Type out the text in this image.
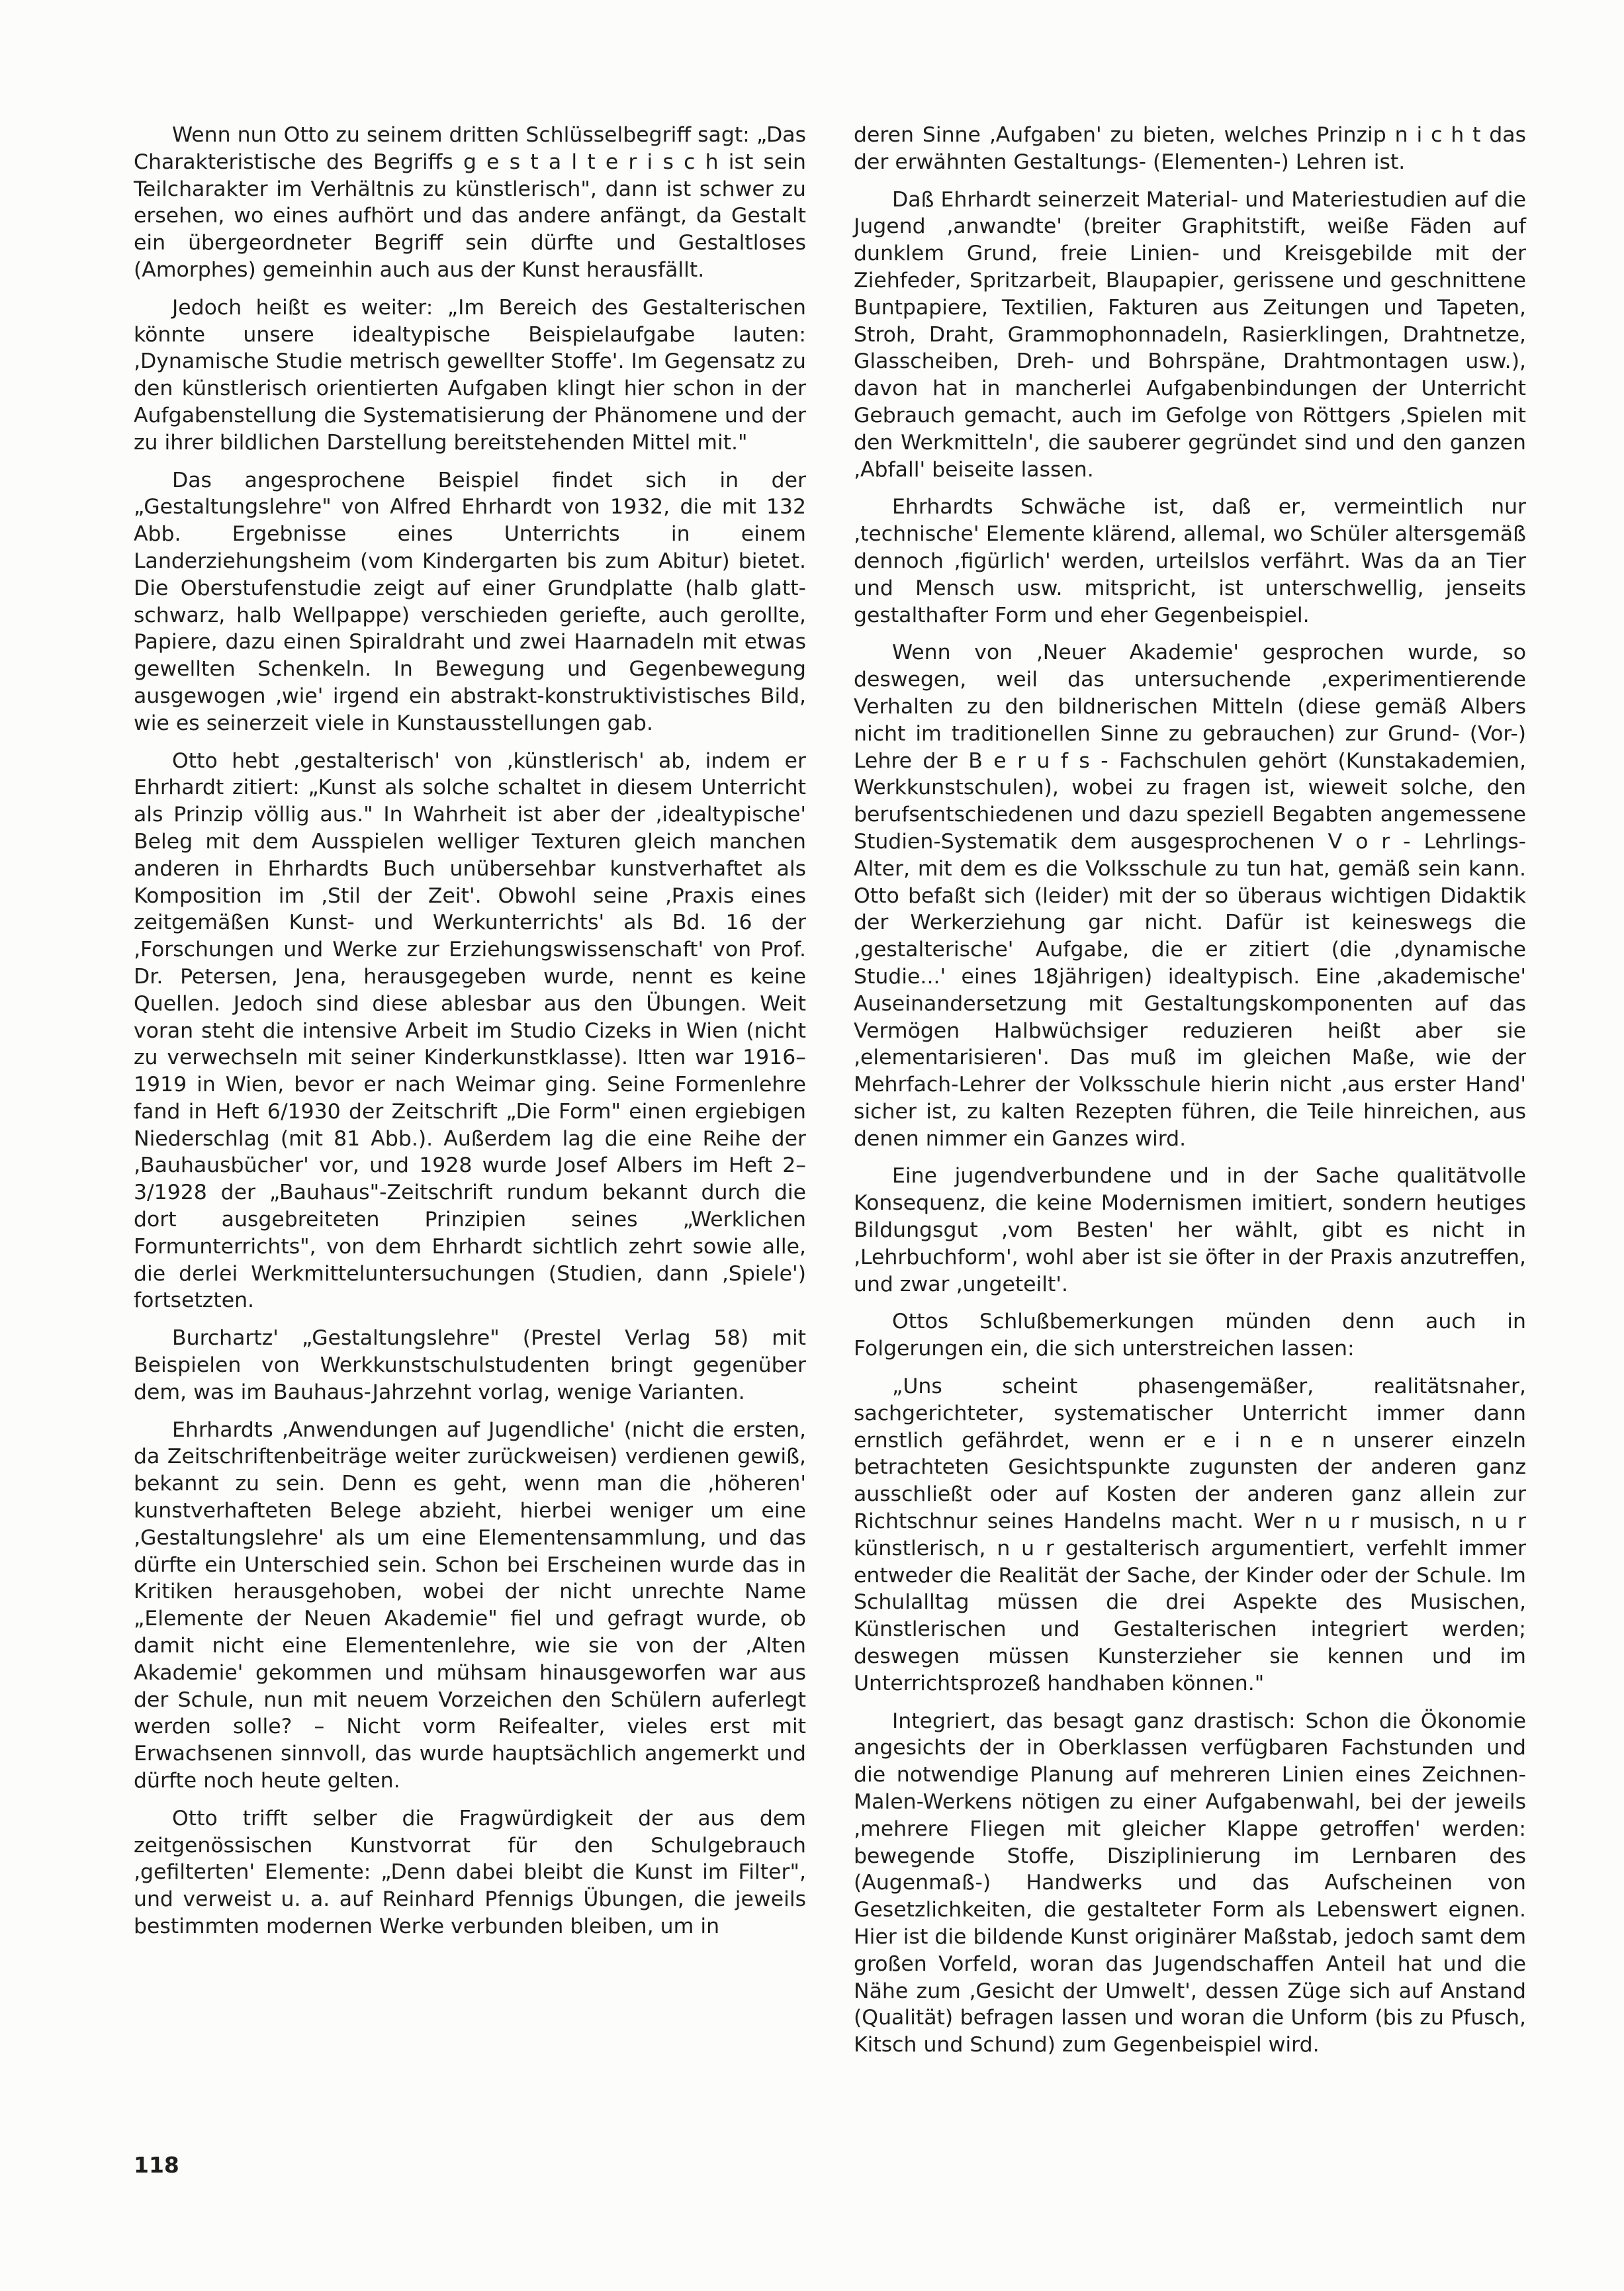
Wenn nun Otto zu seinem dritten Schlüsselbegriff sagt: „Das Charakteristische des Begriffs g e s t a l t e r i s c h ist sein Teilcharakter im Verhältnis zu künstlerisch", dann ist schwer zu ersehen, wo eines aufhört und das andere anfängt, da Gestalt ein übergeordneter Begriff sein dürfte und Gestaltloses (Amorphes) gemeinhin auch aus der Kunst herausfällt.

Jedoch heißt es weiter: „Im Bereich des Gestalterischen könnte unsere idealtypische Beispielaufgabe lauten: ‚Dynamische Studie metrisch gewellter Stoffe'. Im Gegensatz zu den künstlerisch orientierten Aufgaben klingt hier schon in der Aufgabenstellung die Systematisierung der Phänomene und der zu ihrer bildlichen Darstellung bereitstehenden Mittel mit."

Das angesprochene Beispiel findet sich in der „Gestaltungslehre" von Alfred Ehrhardt von 1932, die mit 132 Abb. Ergebnisse eines Unterrichts in einem Landerziehungsheim (vom Kindergarten bis zum Abitur) bietet. Die Oberstufenstudie zeigt auf einer Grundplatte (halb glatt-schwarz, halb Wellpappe) verschieden geriefte, auch gerollte, Papiere, dazu einen Spiraldraht und zwei Haarnadeln mit etwas gewellten Schenkeln. In Bewegung und Gegenbewegung ausgewogen ‚wie' irgend ein abstrakt-konstruktivistisches Bild, wie es seinerzeit viele in Kunstausstellungen gab.

Otto hebt ‚gestalterisch' von ‚künstlerisch' ab, indem er Ehrhardt zitiert: „Kunst als solche schaltet in diesem Unterricht als Prinzip völlig aus." In Wahrheit ist aber der ‚idealtypische' Beleg mit dem Ausspielen welliger Texturen gleich manchen anderen in Ehrhardts Buch unübersehbar kunstverhaftet als Komposition im ‚Stil der Zeit'. Obwohl seine ‚Praxis eines zeitgemäßen Kunst- und Werkunterrichts' als Bd. 16 der ‚Forschungen und Werke zur Erziehungswissenschaft' von Prof. Dr. Petersen, Jena, herausgegeben wurde, nennt es keine Quellen. Jedoch sind diese ablesbar aus den Übungen. Weit voran steht die intensive Arbeit im Studio Cizeks in Wien (nicht zu verwechseln mit seiner Kinderkunstklasse). Itten war 1916–1919 in Wien, bevor er nach Weimar ging. Seine Formenlehre fand in Heft 6/1930 der Zeitschrift „Die Form" einen ergiebigen Niederschlag (mit 81 Abb.). Außerdem lag die eine Reihe der ‚Bauhausbücher' vor, und 1928 wurde Josef Albers im Heft 2–3/1928 der „Bauhaus"-Zeitschrift rundum bekannt durch die dort ausgebreiteten Prinzipien seines „Werklichen Formunterrichts", von dem Ehrhardt sichtlich zehrt sowie alle, die derlei Werkmitteluntersuchungen (Studien, dann ‚Spiele') fortsetzten.

Burchartz' „Gestaltungslehre" (Prestel Verlag 58) mit Beispielen von Werkkunstschulstudenten bringt gegenüber dem, was im Bauhaus-Jahrzehnt vorlag, wenige Varianten.

Ehrhardts ‚Anwendungen auf Jugendliche' (nicht die ersten, da Zeitschriftenbeiträge weiter zurückweisen) verdienen gewiß, bekannt zu sein. Denn es geht, wenn man die ‚höheren' kunstverhafteten Belege abzieht, hierbei weniger um eine ‚Gestaltungslehre' als um eine Elementensammlung, und das dürfte ein Unterschied sein. Schon bei Erscheinen wurde das in Kritiken herausgehoben, wobei der nicht unrechte Name „Elemente der Neuen Akademie" fiel und gefragt wurde, ob damit nicht eine Elementenlehre, wie sie von der ‚Alten Akademie' gekommen und mühsam hinausgeworfen war aus der Schule, nun mit neuem Vorzeichen den Schülern auferlegt werden solle? – Nicht vorm Reifealter, vieles erst mit Erwachsenen sinnvoll, das wurde hauptsächlich angemerkt und dürfte noch heute gelten.

Otto trifft selber die Fragwürdigkeit der aus dem zeitgenössischen Kunstvorrat für den Schulgebrauch ‚gefilterten' Elemente: „Denn dabei bleibt die Kunst im Filter", und verweist u. a. auf Reinhard Pfennigs Übungen, die jeweils bestimmten modernen Werke verbunden bleiben, um in

deren Sinne ‚Aufgaben' zu bieten, welches Prinzip n i c h t das der erwähnten Gestaltungs- (Elementen-) Lehren ist.

Daß Ehrhardt seinerzeit Material- und Materiestudien auf die Jugend ‚anwandte' (breiter Graphitstift, weiße Fäden auf dunklem Grund, freie Linien- und Kreisgebilde mit der Ziehfeder, Spritzarbeit, Blaupapier, gerissene und geschnittene Buntpapiere, Textilien, Fakturen aus Zeitungen und Tapeten, Stroh, Draht, Grammophonnadeln, Rasierklingen, Drahtnetze, Glasscheiben, Dreh- und Bohrspäne, Drahtmontagen usw.), davon hat in mancherlei Aufgabenbindungen der Unterricht Gebrauch gemacht, auch im Gefolge von Röttgers ‚Spielen mit den Werkmitteln', die sauberer gegründet sind und den ganzen ‚Abfall' beiseite lassen.

Ehrhardts Schwäche ist, daß er, vermeintlich nur ‚technische' Elemente klärend, allemal, wo Schüler altersgemäß dennoch ‚figürlich' werden, urteilslos verfährt. Was da an Tier und Mensch usw. mitspricht, ist unterschwellig, jenseits gestalthafter Form und eher Gegenbeispiel.

Wenn von ‚Neuer Akademie' gesprochen wurde, so deswegen, weil das untersuchende ‚experimentierende Verhalten zu den bildnerischen Mitteln (diese gemäß Albers nicht im traditionellen Sinne zu gebrauchen) zur Grund- (Vor-) Lehre der B e r u f s - Fachschulen gehört (Kunstakademien, Werkkunstschulen), wobei zu fragen ist, wieweit solche, den berufsentschiedenen und dazu speziell Begabten angemessene Studien-Systematik dem ausgesprochenen V o r - Lehrlings-Alter, mit dem es die Volksschule zu tun hat, gemäß sein kann. Otto befaßt sich (leider) mit der so überaus wichtigen Didaktik der Werkerziehung gar nicht. Dafür ist keineswegs die ‚gestalterische' Aufgabe, die er zitiert (die ‚dynamische Studie...' eines 18jährigen) idealtypisch. Eine ‚akademische' Auseinandersetzung mit Gestaltungskomponenten auf das Vermögen Halbwüchsiger reduzieren heißt aber sie ‚elementarisieren'. Das muß im gleichen Maße, wie der Mehrfach-Lehrer der Volksschule hierin nicht ‚aus erster Hand' sicher ist, zu kalten Rezepten führen, die Teile hinreichen, aus denen nimmer ein Ganzes wird.

Eine jugendverbundene und in der Sache qualitätvolle Konsequenz, die keine Modernismen imitiert, sondern heutiges Bildungsgut ‚vom Besten' her wählt, gibt es nicht in ‚Lehrbuchform', wohl aber ist sie öfter in der Praxis anzutreffen, und zwar ‚ungeteilt'.

Ottos Schlußbemerkungen münden denn auch in Folgerungen ein, die sich unterstreichen lassen:

„Uns scheint phasengemäßer, realitätsnaher, sachgerichteter, systematischer Unterricht immer dann ernstlich gefährdet, wenn er e i n e n unserer einzeln betrachteten Gesichtspunkte zugunsten der anderen ganz ausschließt oder auf Kosten der anderen ganz allein zur Richtschnur seines Handelns macht. Wer n u r musisch, n u r künstlerisch, n u r gestalterisch argumentiert, verfehlt immer entweder die Realität der Sache, der Kinder oder der Schule. Im Schulalltag müssen die drei Aspekte des Musischen, Künstlerischen und Gestalterischen integriert werden; deswegen müssen Kunsterzieher sie kennen und im Unterrichtsprozeß handhaben können."

Integriert, das besagt ganz drastisch: Schon die Ökonomie angesichts der in Oberklassen verfügbaren Fachstunden und die notwendige Planung auf mehreren Linien eines Zeichnen-Malen-Werkens nötigen zu einer Aufgabenwahl, bei der jeweils ‚mehrere Fliegen mit gleicher Klappe getroffen' werden: bewegende Stoffe, Disziplinierung im Lernbaren des (Augenmaß-) Handwerks und das Aufscheinen von Gesetzlichkeiten, die gestalteter Form als Lebenswert eignen. Hier ist die bildende Kunst originärer Maßstab, jedoch samt dem großen Vorfeld, woran das Jugendschaffen Anteil hat und die Nähe zum ‚Gesicht der Umwelt', dessen Züge sich auf Anstand (Qualität) befragen lassen und woran die Unform (bis zu Pfusch, Kitsch und Schund) zum Gegenbeispiel wird.

118
